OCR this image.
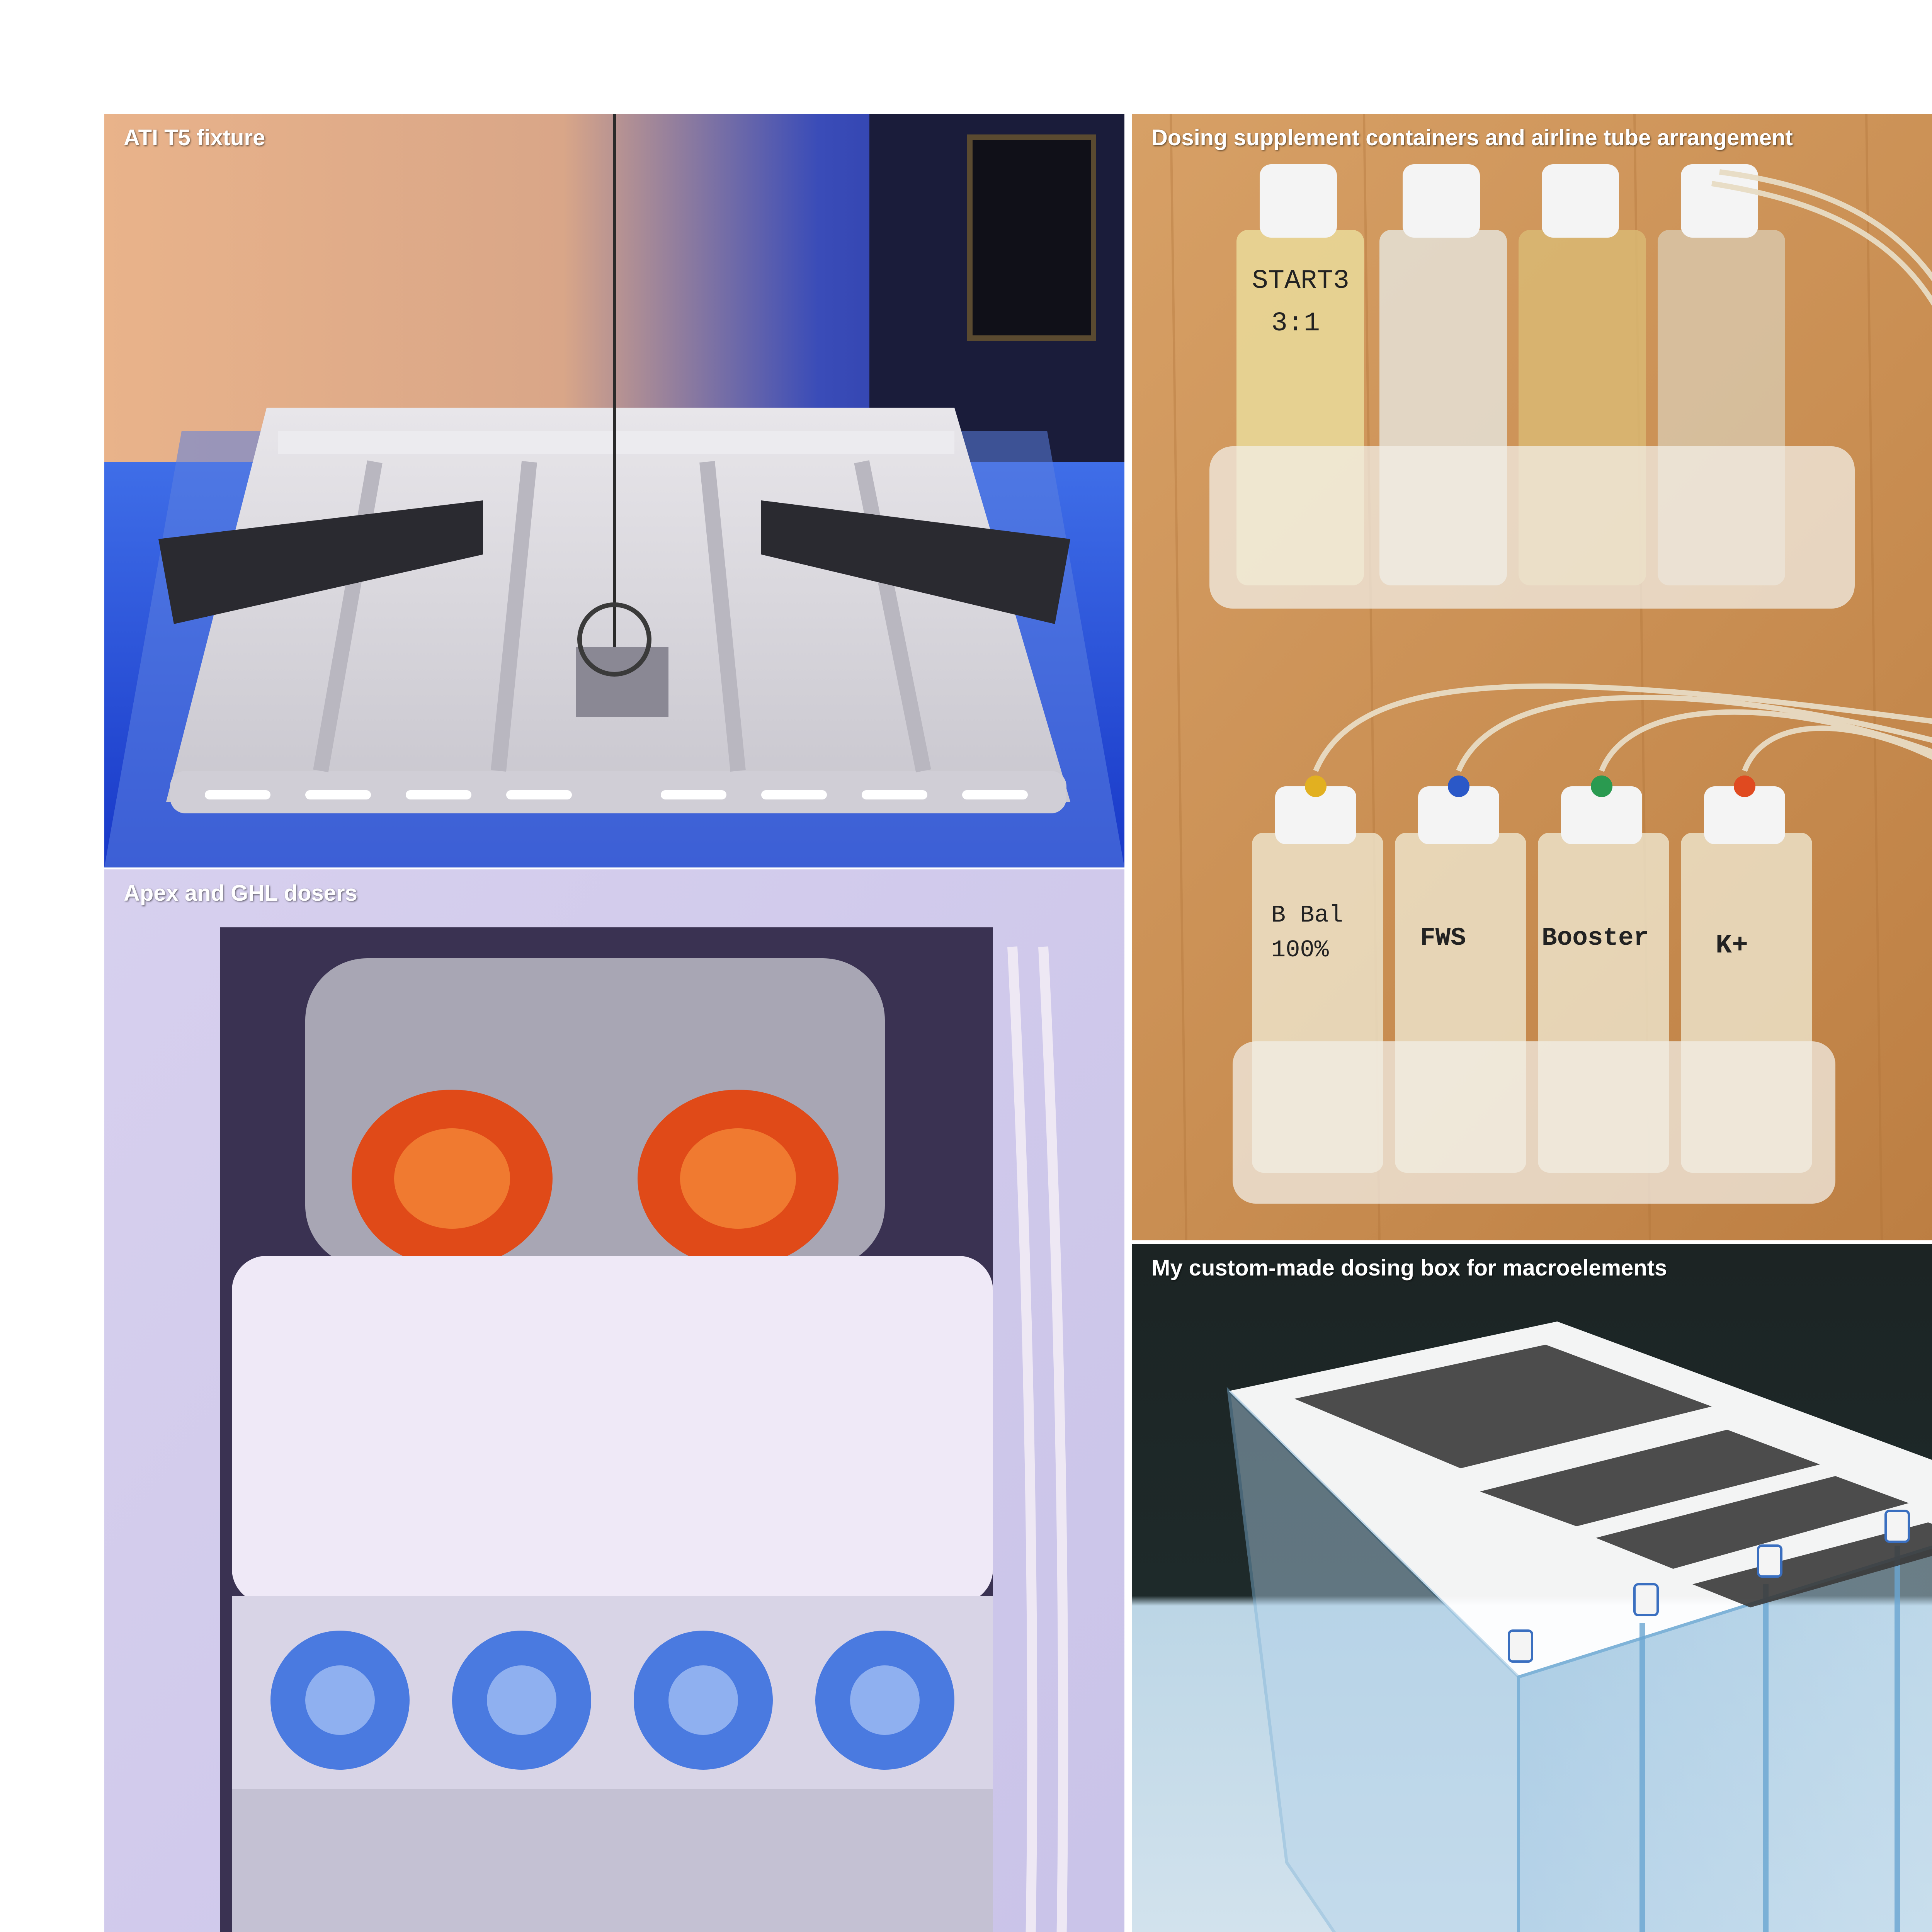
ATI T5 fixture
START3
3:1
B Bal
100%	FWS	Booster K+
Dosing supplement containers and airline tube arrangement
Apex and GHL dosers
My custom-made dosing box for macroelements
